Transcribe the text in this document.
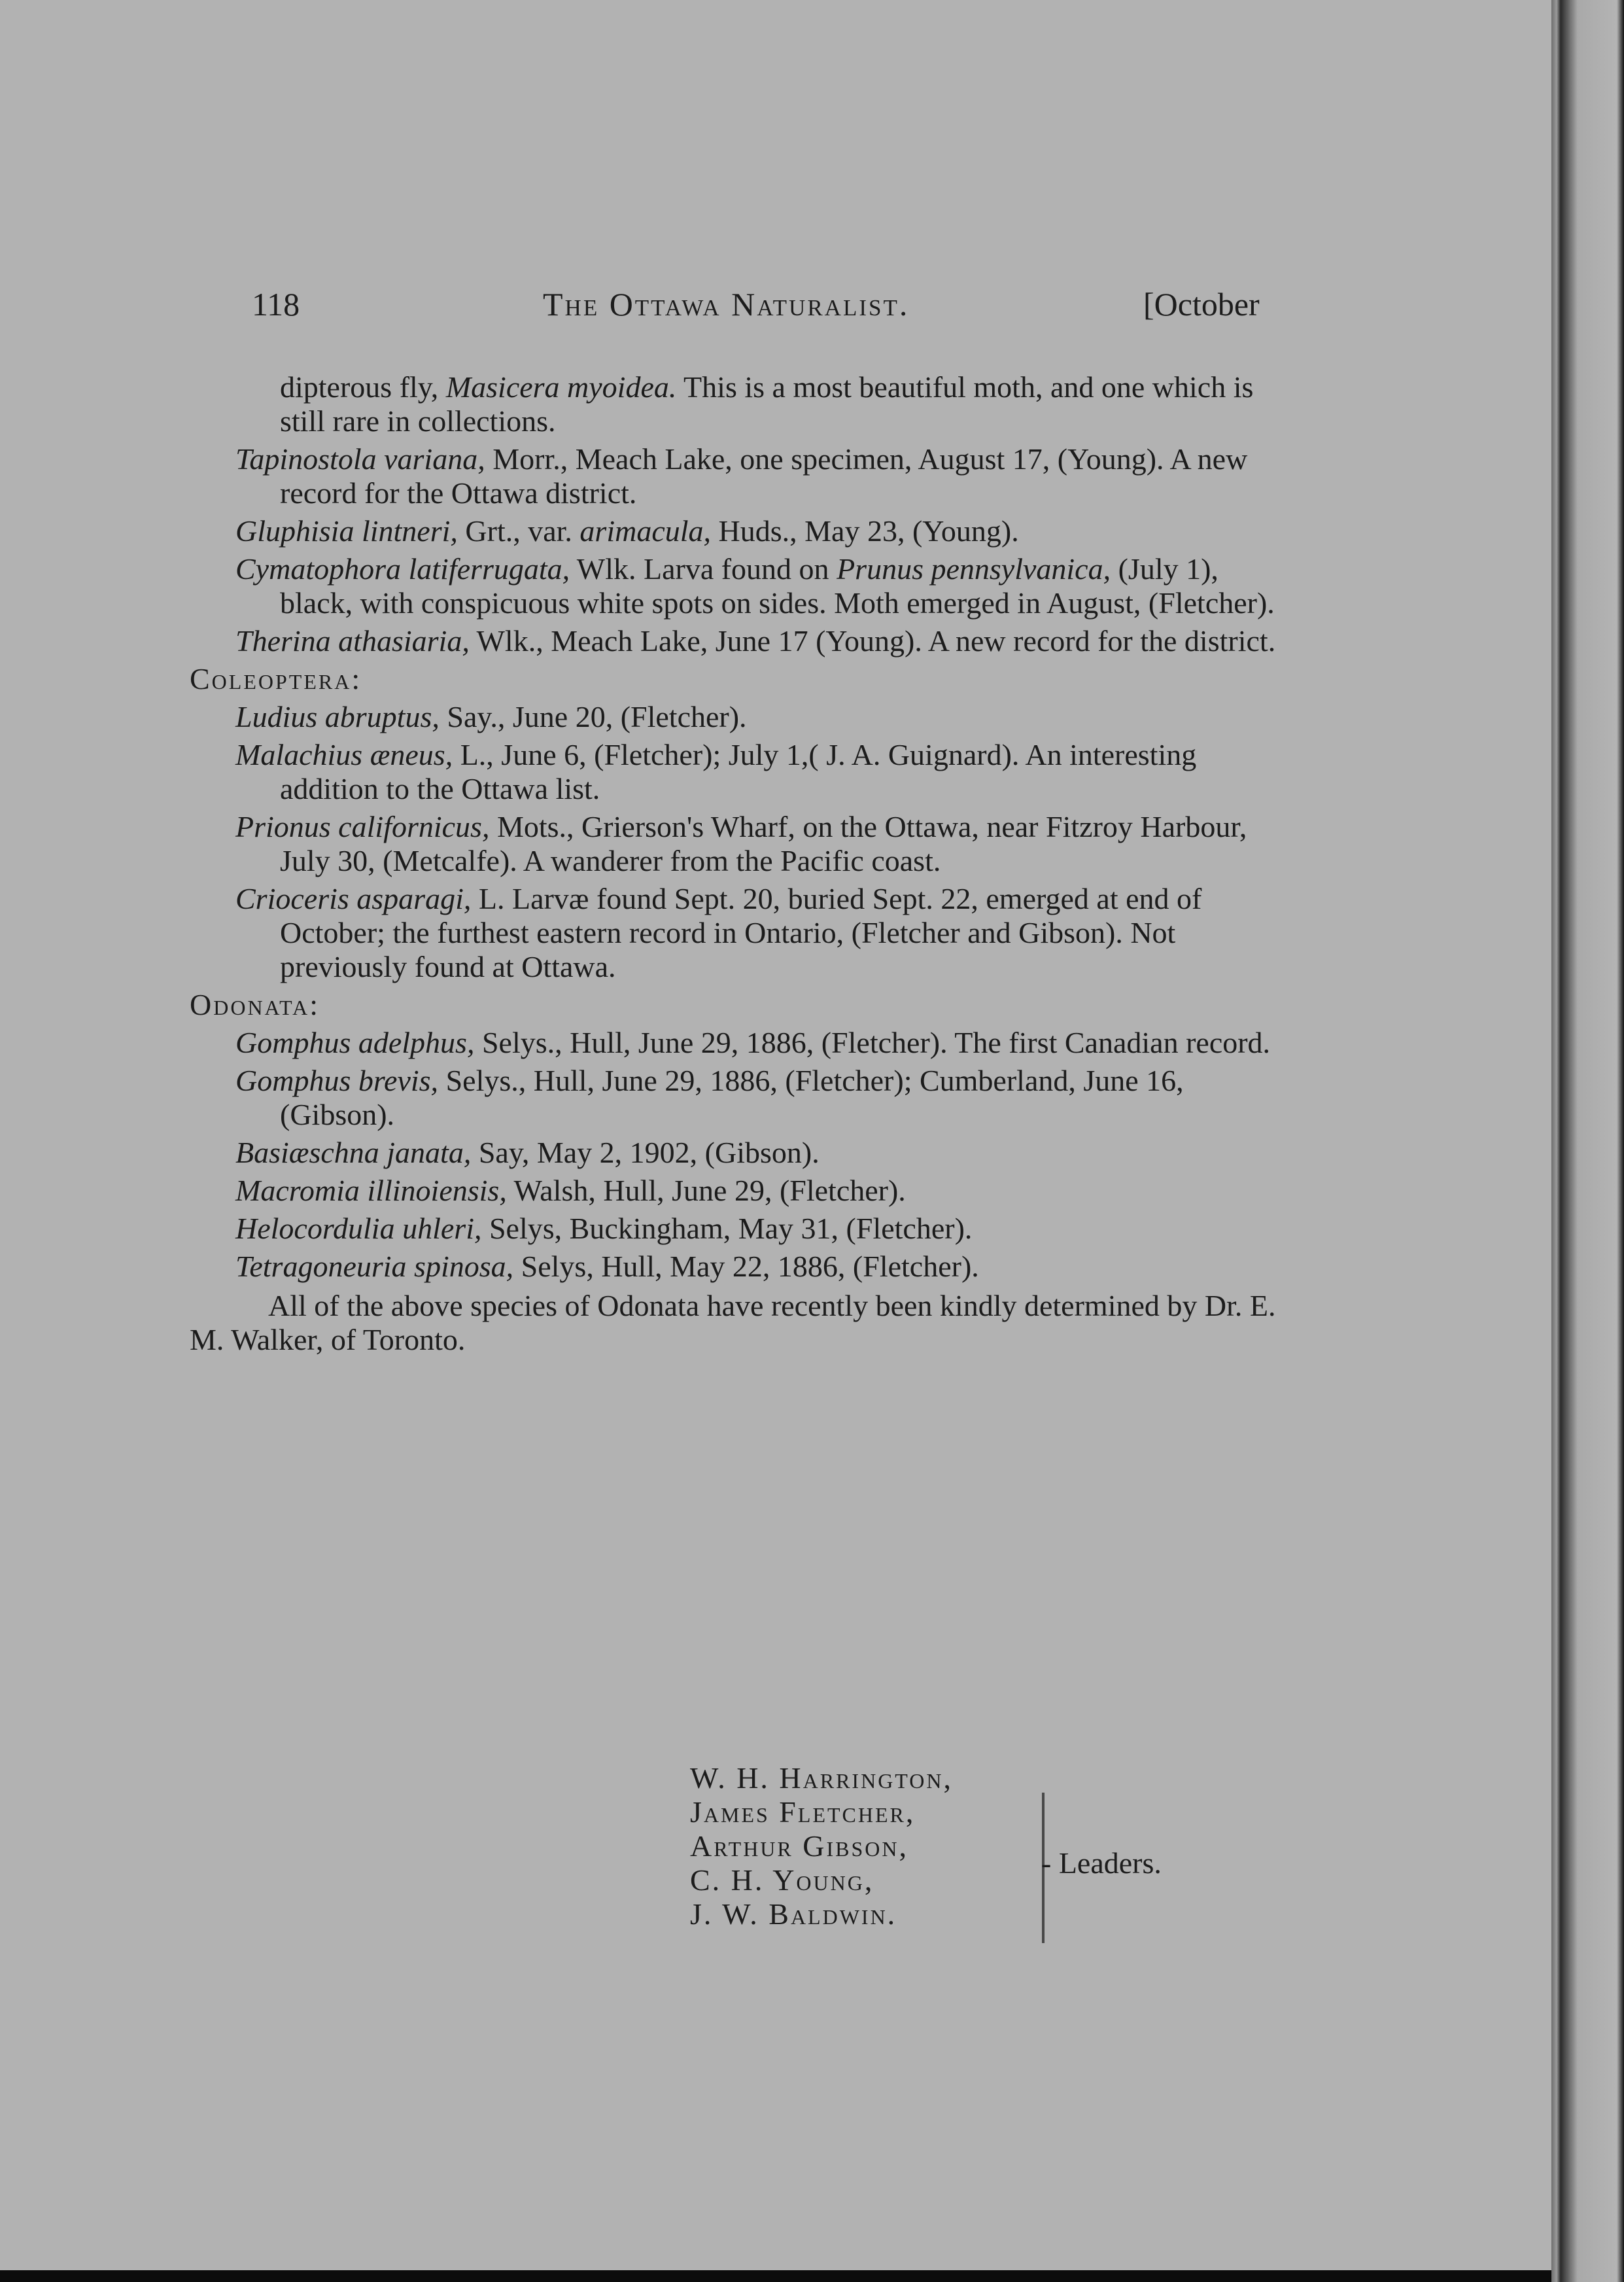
118	The Ottawa Naturalist.	[October
dipterous fly, Masicera myoidea. This is a most beautiful moth, and one which is still rare in collections.
Tapinostola variana, Morr., Meach Lake, one specimen, August 17, (Young). A new record for the Ottawa district.
Gluphisia lintneri, Grt., var. arimacula, Huds., May 23, (Young).
Cymatophora latiferrugata, Wlk. Larva found on Prunus pennsylvanica, (July 1), black, with conspicuous white spots on sides. Moth emerged in August, (Fletcher).
Therina athasiaria, Wlk., Meach Lake, June 17 (Young). A new record for the district.
Coleoptera:
Ludius abruptus, Say., June 20, (Fletcher).
Malachius æneus, L., June 6, (Fletcher); July 1,( J. A. Guignard). An interesting addition to the Ottawa list.
Prionus californicus, Mots., Grierson's Wharf, on the Ottawa, near Fitzroy Harbour, July 30, (Metcalfe). A wanderer from the Pacific coast.
Crioceris asparagi, L. Larvæ found Sept. 20, buried Sept. 22, emerged at end of October; the furthest eastern record in Ontario, (Fletcher and Gibson). Not previously found at Ottawa.
Odonata:
Gomphus adelphus, Selys., Hull, June 29, 1886, (Fletcher). The first Canadian record.
Gomphus brevis, Selys., Hull, June 29, 1886, (Fletcher); Cumberland, June 16, (Gibson).
Basiæschna janata, Say, May 2, 1902, (Gibson).
Macromia illinoiensis, Walsh, Hull, June 29, (Fletcher).
Helocordulia uhleri, Selys, Buckingham, May 31, (Fletcher).
Tetragoneuria spinosa, Selys, Hull, May 22, 1886, (Fletcher).
All of the above species of Odonata have recently been kindly determined by Dr. E. M. Walker, of Toronto.
W. H. Harrington,
James Fletcher,
Arthur Gibson,
C. H. Young,
J. W. Baldwin.
- Leaders.
